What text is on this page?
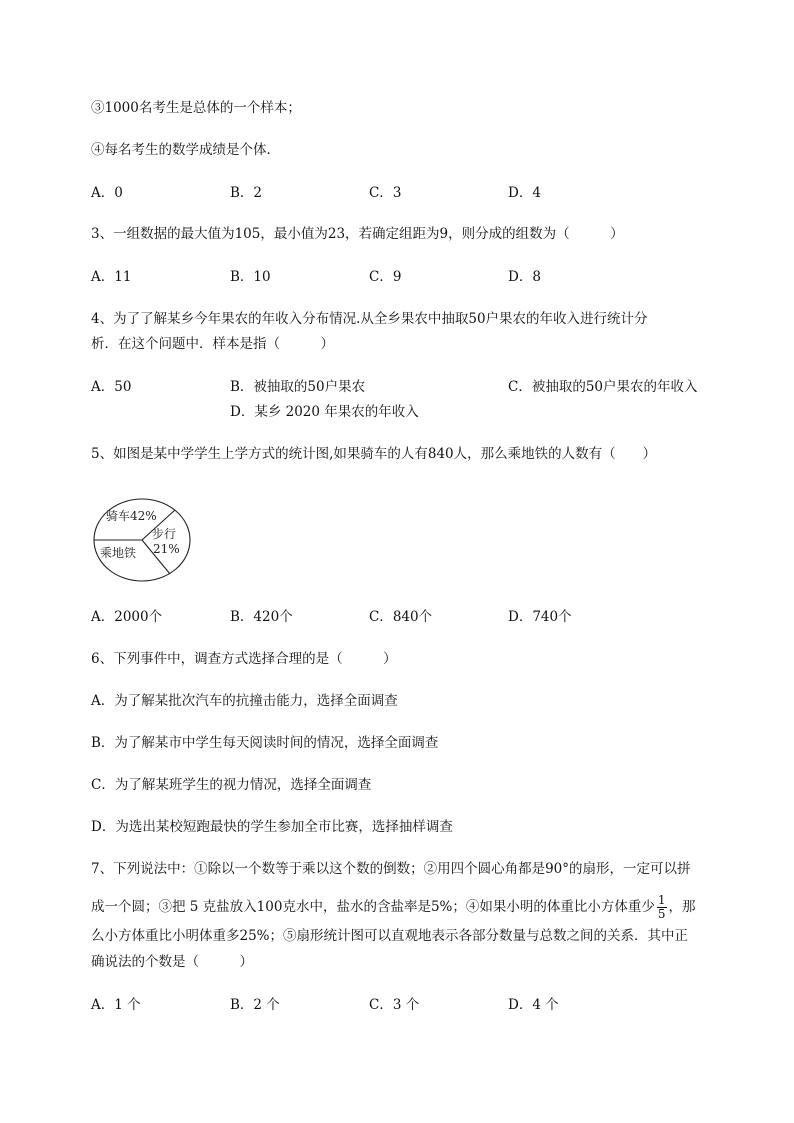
③1000名考生是总体的一个样本；
④每名考生的数学成绩是个体．
A．0	B．2	C．3	D．4
3、一组数据的最大值为105，最小值为23，若确定组距为9，则分成的组数为（　　　）
A．11	B．10	C．9	D．8
4、为了了解某乡今年果农的年收入分布情况.从全乡果农中抽取50户果农的年收入进行统计分
析．在这个问题中．样本是指（　　　）
A．50	B．被抽取的50户果农	C．被抽取的50户果农的年收入
D．某乡 2020 年果农的年收入
5、如图是某中学学生上学方式的统计图,如果骑车的人有840人，那么乘地铁的人数有（　　）
骑车42%
步行
21%
乘地铁
A．2000个	B．420个	C．840个	D．740个
6、下列事件中，调查方式选择合理的是（　　　）
A．为了解某批次汽车的抗撞击能力，选择全面调查
B．为了解某市中学生每天阅读时间的情况，选择全面调查
C．为了解某班学生的视力情况，选择全面调查
D．为选出某校短跑最快的学生参加全市比赛，选择抽样调查
7、下列说法中：①除以一个数等于乘以这个数的倒数；②用四个圆心角都是90°的扇形，一定可以拼
成一个圆；③把 5 克盐放入100克水中，盐水的含盐率是5%；④如果小明的体重比小方体重少 $\frac{1}{5}$ ，那
么小方体重比小明体重多25%；⑤扇形统计图可以直观地表示各部分数量与总数之间的关系．其中正
确说法的个数是（　　　）
A．1 个	B．2 个	C．3 个	D．4 个
